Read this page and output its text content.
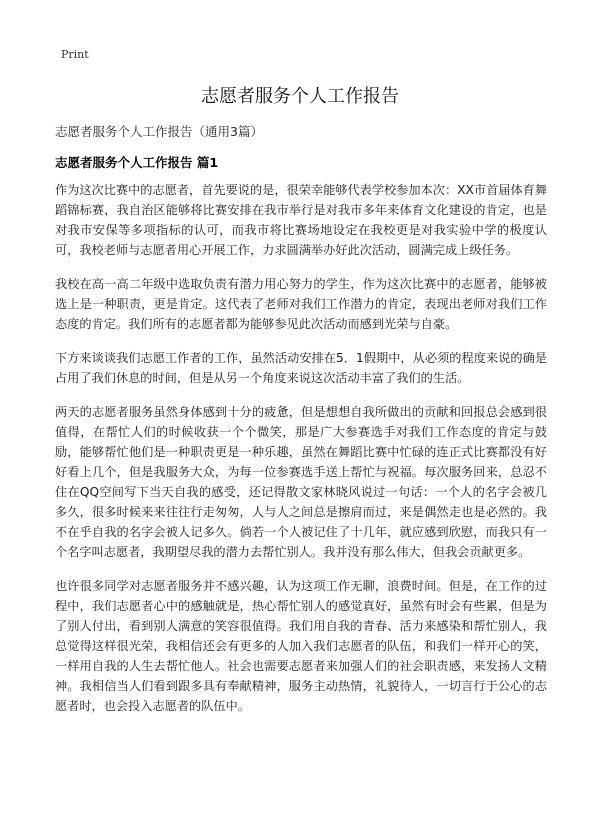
Print
志愿者服务个人工作报告
志愿者服务个人工作报告（通用3篇）
志愿者服务个人工作报告 篇1

作为这次比赛中的志愿者，首先要说的是，很荣幸能够代表学校参加本次：XX市首届体育舞蹈锦标赛，我自治区能够将比赛安排在我市举行是对我市多年来体育文化建设的肯定，也是对我市安保等多项指标的认可，而我市将比赛场地设定在我校更是对我实验中学的极度认可，我校老师与志愿者用心开展工作，力求圆满举办好此次活动，圆满完成上级任务。

我校在高一高二年级中选取负责有潜力用心努力的学生，作为这次比赛中的志愿者，能够被选上是一种职责，更是肯定。这代表了老师对我们工作潜力的肯定，表现出老师对我们工作态度的肯定。我们所有的志愿者都为能够参见此次活动而感到光荣与自豪。

下方来谈谈我们志愿工作者的工作，虽然活动安排在5．1假期中，从必须的程度来说的确是占用了我们休息的时间，但是从另一个角度来说这次活动丰富了我们的生活。

两天的志愿者服务虽然身体感到十分的疲惫，但是想想自我所做出的贡献和回报总会感到很值得，在帮忙人们的时候收获一个个微笑，那是广大参赛选手对我们工作态度的肯定与鼓励，能够帮忙他们是一种职责更是一种乐趣，虽然在舞蹈比赛中忙碌的连正式比赛都没有好好看上几个，但是我服务大众，为每一位参赛选手送上帮忙与祝福。每次服务回来，总忍不住在QQ空间写下当天自我的感受，还记得散文家林晓风说过一句话：一个人的名字会被几多久，很多时候来来往往行走匆匆，人与人之间总是擦肩而过，来是偶然走也是必然的。我不在乎自我的名字会被人记多久。倘若一个人被记住了十几年，就应感到欣慰，而我只有一个名字叫志愿者，我期望尽我的潜力去帮忙别人。我并没有那么伟大，但我会贡献更多。

也许很多同学对志愿者服务并不感兴趣，认为这项工作无聊，浪费时间。但是，在工作的过程中，我们志愿者心中的感触就是，热心帮忙别人的感觉真好，虽然有时会有些累，但是为了别人付出，看到别人满意的笑容很值得。我们用自我的青春、活力来感染和帮忙别人，我总觉得这样很光荣，我相信还会有更多的人加入我们志愿者的队伍，和我们一样开心的笑，一样用自我的人生去帮忙他人。社会也需要志愿者来加强人们的社会职责感，来发扬人文精神。我相信当人们看到跟多具有奉献精神，服务主动热情，礼貌待人，一切言行于公心的志愿者时，也会投入志愿者的队伍中。
